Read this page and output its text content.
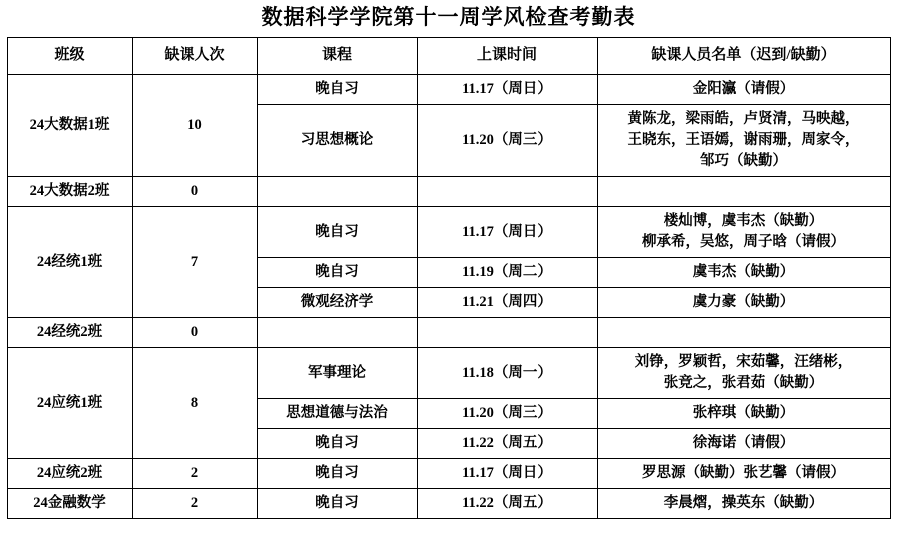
数据科学学院第十一周学风检查考勤表
班级	缺课人次	课程	上课时间	缺课人员名单（迟到/缺勤）
24大数据1班	10	晚自习	11.17（周日）	金阳瀛（请假）

		习思想概论	11.20（周三）	黄陈龙，梁雨皓，卢贤清，马映越，
王晓东，王语嫣，谢雨珊，周家令，
邹巧（缺勤）

24大数据2班	0			

24经统1班	7	晚自习	11.17（周日）	楼灿博，虞韦杰（缺勤）
柳承希，吴悠，周子晗（请假）

		晚自习	11.19（周二）	虞韦杰（缺勤）

		微观经济学	11.21（周四）	虞力豪（缺勤）

24经统2班	0			

24应统1班	8	军事理论	11.18（周一）	刘铮，罗颖哲，宋茹馨，汪绪彬，
张竞之，张君茹（缺勤）

		思想道德与法治	11.20（周三）	张梓琪（缺勤）

		晚自习	11.22（周五）	徐海诺（请假）

24应统2班	2	晚自习	11.17（周日）	罗思源（缺勤）张艺馨（请假）

24金融数学	2	晚自习	11.22（周五）	李晨熠，操英东（缺勤）
